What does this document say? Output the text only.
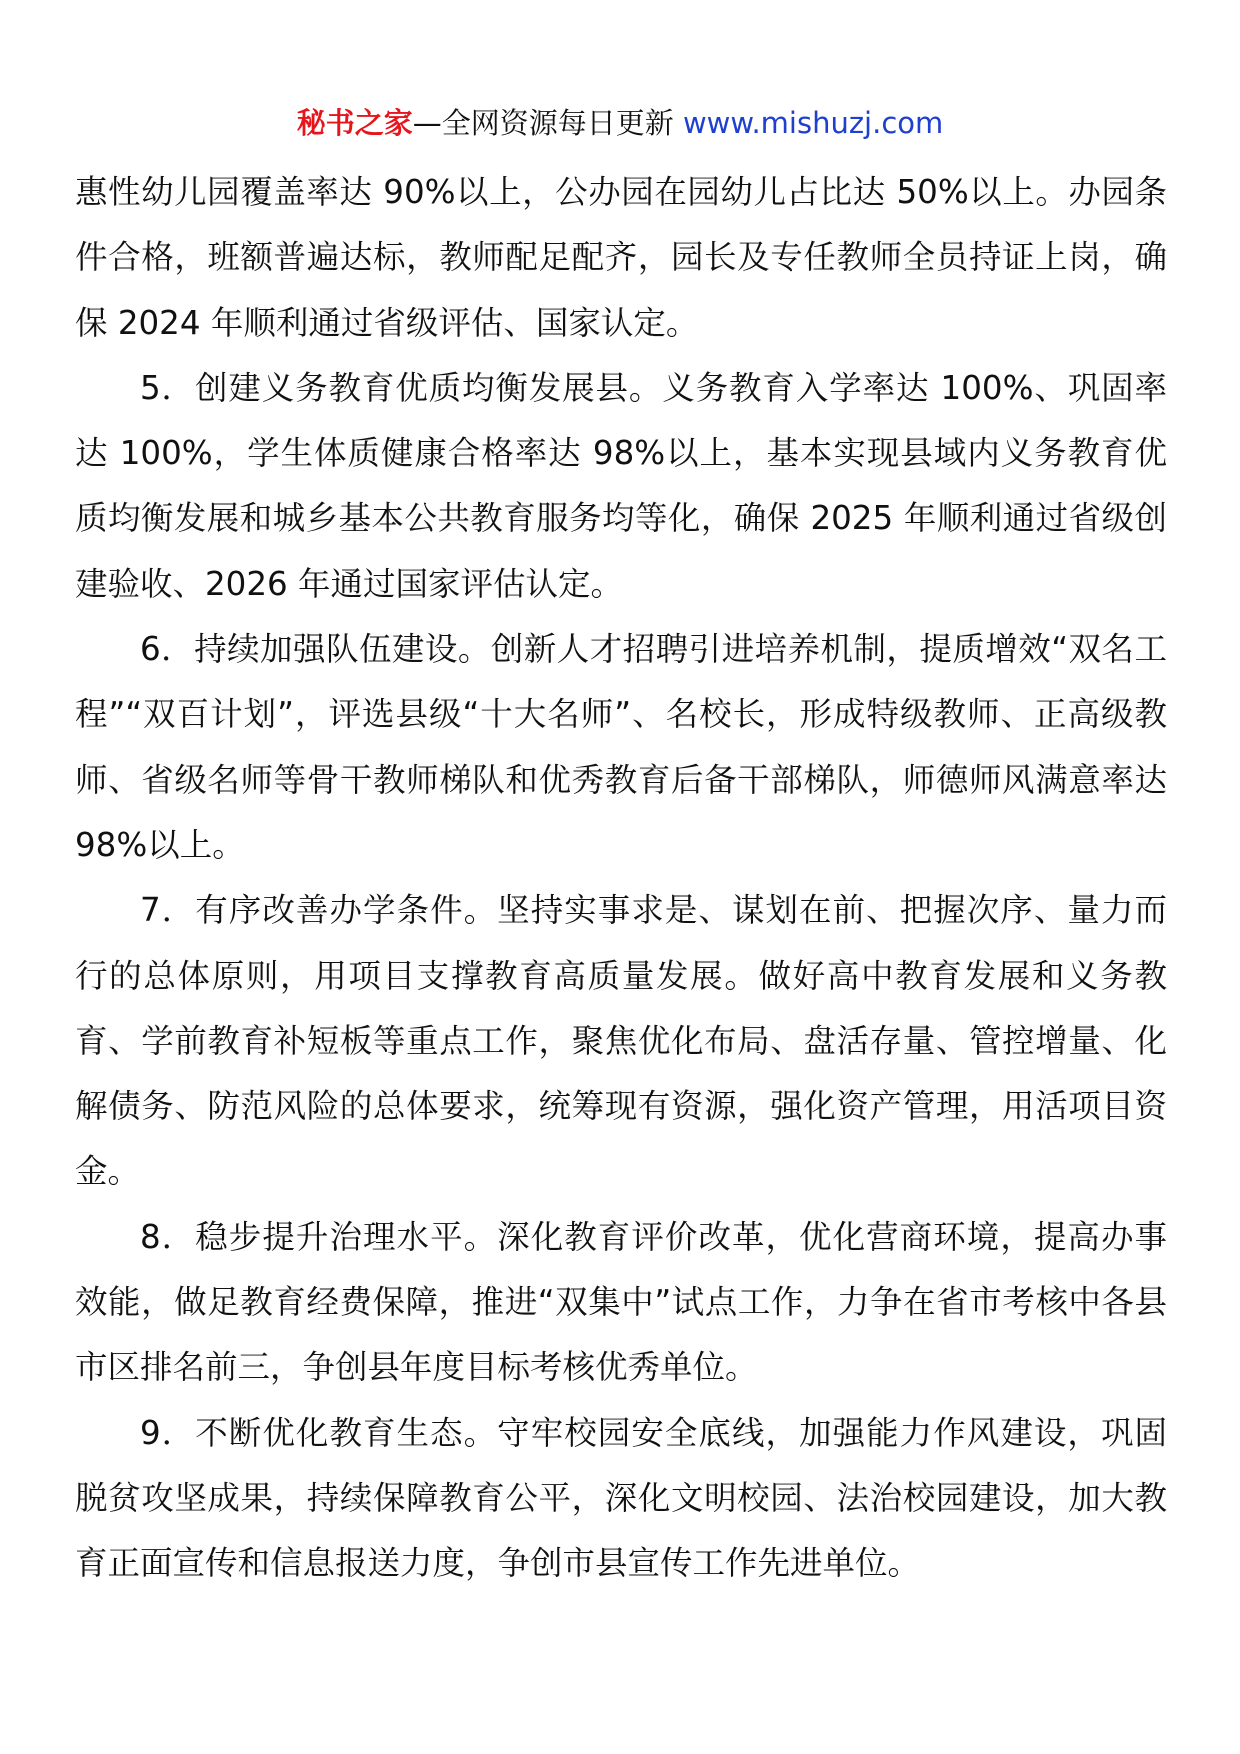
秘书之家—全网资源每日更新 www.mishuzj.com

惠性幼儿园覆盖率达 90%以上，公办园在园幼儿占比达 50%以上。办园条件合格，班额普遍达标，教师配足配齐，园长及专任教师全员持证上岗，确保 2024 年顺利通过省级评估、国家认定。

5．创建义务教育优质均衡发展县。义务教育入学率达 100%、巩固率达 100%，学生体质健康合格率达 98%以上，基本实现县域内义务教育优质均衡发展和城乡基本公共教育服务均等化，确保 2025 年顺利通过省级创建验收、2026 年通过国家评估认定。

6．持续加强队伍建设。创新人才招聘引进培养机制，提质增效“双名工程”“双百计划”，评选县级“十大名师”、名校长，形成特级教师、正高级教师、省级名师等骨干教师梯队和优秀教育后备干部梯队，师德师风满意率达 98%以上。

7．有序改善办学条件。坚持实事求是、谋划在前、把握次序、量力而行的总体原则，用项目支撑教育高质量发展。做好高中教育发展和义务教育、学前教育补短板等重点工作，聚焦优化布局、盘活存量、管控增量、化解债务、防范风险的总体要求，统筹现有资源，强化资产管理，用活项目资金。

8．稳步提升治理水平。深化教育评价改革，优化营商环境，提高办事效能，做足教育经费保障，推进“双集中”试点工作，力争在省市考核中各县市区排名前三，争创县年度目标考核优秀单位。

9．不断优化教育生态。守牢校园安全底线，加强能力作风建设，巩固脱贫攻坚成果，持续保障教育公平，深化文明校园、法治校园建设，加大教育正面宣传和信息报送力度，争创市县宣传工作先进单位。
